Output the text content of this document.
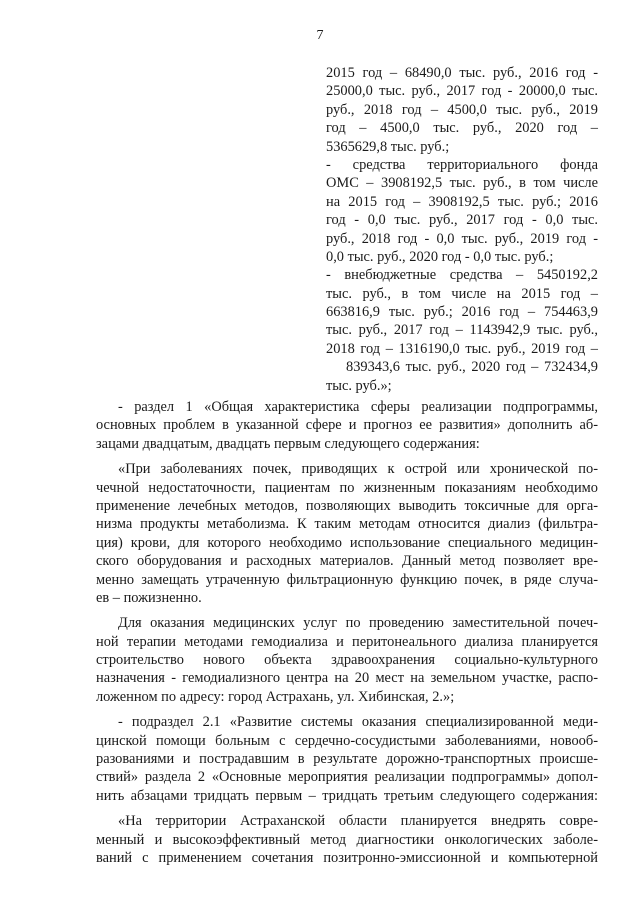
7
2015 год – 68490,0 тыс. руб., 2016 год -
25000,0 тыс. руб., 2017 год - 20000,0 тыс.
руб., 2018 год – 4500,0 тыс. руб., 2019
год – 4500,0 тыс. руб., 2020 год –
5365629,8 тыс. руб.;
- средства территориального фонда
ОМС – 3908192,5 тыс. руб., в том числе
на 2015 год – 3908192,5 тыс. руб.; 2016
год - 0,0 тыс. руб., 2017 год - 0,0 тыс.
руб., 2018 год - 0,0 тыс. руб., 2019 год -
0,0 тыс. руб., 2020 год - 0,0 тыс. руб.;
- внебюджетные средства – 5450192,2
тыс. руб., в том числе на 2015 год –
663816,9 тыс. руб.; 2016 год – 754463,9
тыс. руб., 2017 год – 1143942,9 тыс. руб.,
2018 год – 1316190,0 тыс. руб., 2019 год –
839343,6 тыс. руб., 2020 год – 732434,9
тыс. руб.»;
- раздел 1 «Общая характеристика сферы реализации подпрограммы,
основных проблем в указанной сфере и прогноз ее развития» дополнить аб-
зацами двадцатым, двадцать первым следующего содержания:
«При заболеваниях почек, приводящих к острой или хронической по-
чечной недостаточности, пациентам по жизненным показаниям необходимо
применение лечебных методов, позволяющих выводить токсичные для орга-
низма продукты метаболизма. К таким методам относится диализ (фильтра-
ция) крови, для которого необходимо использование специального медицин-
ского оборудования и расходных материалов. Данный метод позволяет вре-
менно замещать утраченную фильтрационную функцию почек, в ряде случа-
ев – пожизненно.
Для оказания медицинских услуг по проведению заместительной почеч-
ной терапии методами гемодиализа и перитонеального диализа планируется
строительство нового объекта здравоохранения социально-культурного
назначения - гемодиализного центра на 20 мест на земельном участке, распо-
ложенном по адресу: город Астрахань, ул. Хибинская, 2.»;
- подраздел 2.1 «Развитие системы оказания специализированной меди-
цинской помощи больным с сердечно-сосудистыми заболеваниями, новооб-
разованиями и пострадавшим в результате дорожно-транспортных происше-
ствий» раздела 2 «Основные мероприятия реализации подпрограммы» допол-
нить абзацами тридцать первым – тридцать третьим следующего содержания:
«На территории Астраханской области планируется внедрять совре-
менный и высокоэффективный метод диагностики онкологических заболе-
ваний с применением сочетания позитронно-эмиссионной и компьютерной
